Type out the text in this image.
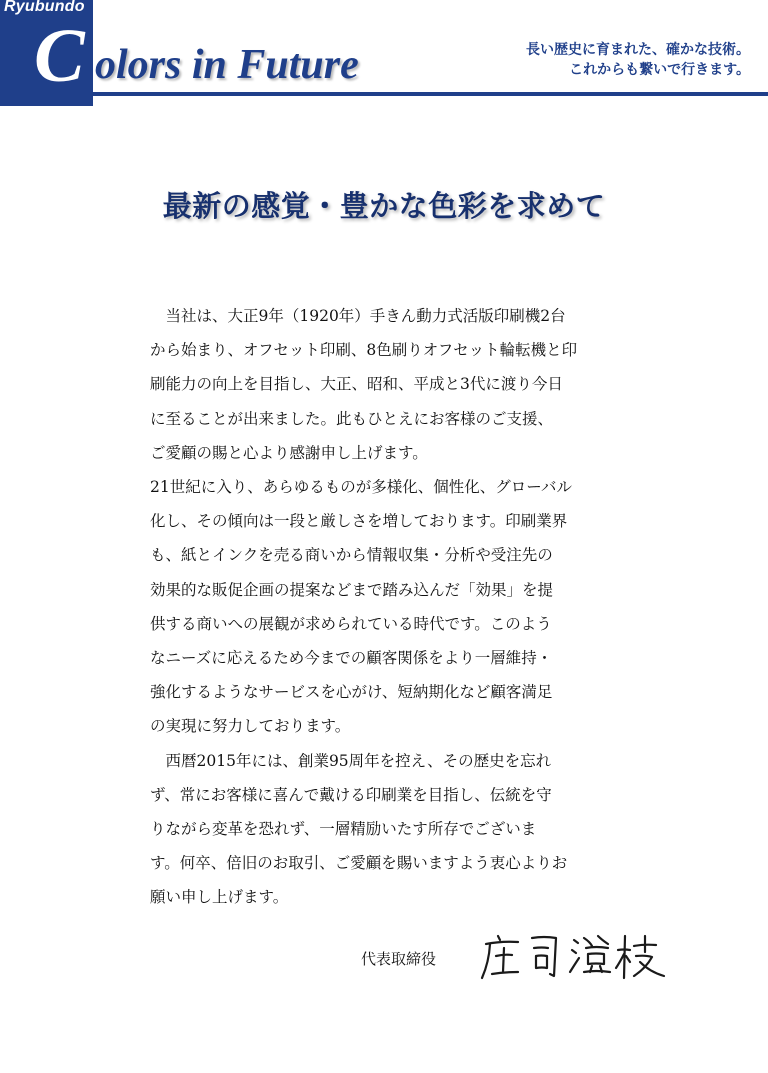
Ryubundo
C olors in Future	長い歴史に育まれた、確かな技術。
これからも繋いで行きます。
最新の感覚・豊かな色彩を求めて

　当社は、大正9年（1920年）手きん動力式活版印刷機2台

から始まり、オフセット印刷、8色刷りオフセット輪転機と印

刷能力の向上を目指し、大正、昭和、平成と3代に渡り今日

に至ることが出来ました。此もひとえにお客様のご支援、

ご愛顧の賜と心より感謝申し上げます。

21世紀に入り、あらゆるものが多様化、個性化、グローバル

化し、その傾向は一段と厳しさを増しております。印刷業界

も、紙とインクを売る商いから情報収集・分析や受注先の

効果的な販促企画の提案などまで踏み込んだ「効果」を提

供する商いへの展観が求められている時代です。このよう

なニーズに応えるため今までの顧客関係をより一層維持・

強化するようなサービスを心がけ、短納期化など顧客満足

の実現に努力しております。

　西暦2015年には、創業95周年を控え、その歴史を忘れ

ず、常にお客様に喜んで戴ける印刷業を目指し、伝統を守

りながら変革を恐れず、一層精励いたす所存でございま

す。何卒、倍旧のお取引、ご愛顧を賜いますよう衷心よりお

願い申し上げます。

代表取締役
